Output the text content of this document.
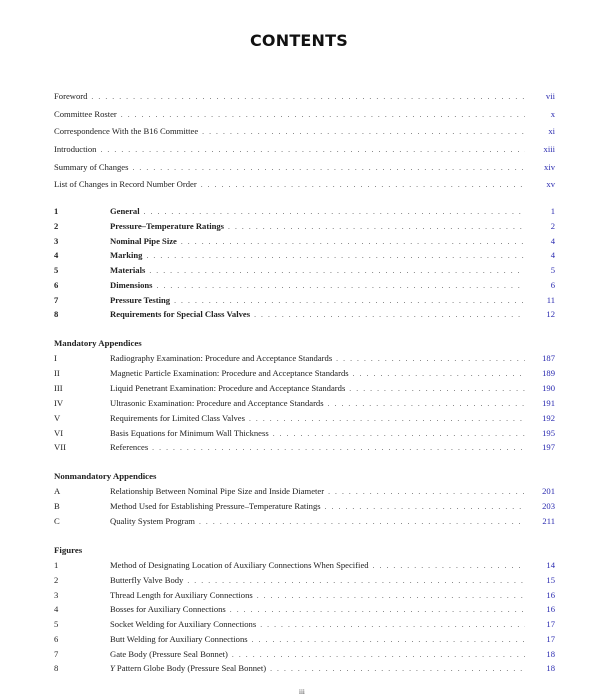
CONTENTS
Foreword . . .	vii
Committee Roster . . .	x
Correspondence With the B16 Committee . . .	xi
Introduction . . .	xiii
Summary of Changes . . .	xiv
List of Changes in Record Number Order . . .	xv
1	General . . .	1
2	Pressure–Temperature Ratings . . .	2
3	Nominal Pipe Size . . .	4
4	Marking . . .	4
5	Materials . . .	5
6	Dimensions . . .	6
7	Pressure Testing . . .	11
8	Requirements for Special Class Valves . . .	12
Mandatory Appendices
I	Radiography Examination: Procedure and Acceptance Standards . . .	187
II	Magnetic Particle Examination: Procedure and Acceptance Standards . . .	189
III	Liquid Penetrant Examination: Procedure and Acceptance Standards . . .	190
IV	Ultrasonic Examination: Procedure and Acceptance Standards . . .	191
V	Requirements for Limited Class Valves . . .	192
VI	Basis Equations for Minimum Wall Thickness . . .	195
VII	References . . .	197
Nonmandatory Appendices
A	Relationship Between Nominal Pipe Size and Inside Diameter . . .	201
B	Method Used for Establishing Pressure–Temperature Ratings . . .	203
C	Quality System Program . . .	211
Figures
1	Method of Designating Location of Auxiliary Connections When Specified . . .	14
2	Butterfly Valve Body . . .	15
3	Thread Length for Auxiliary Connections . . .	16
4	Bosses for Auxiliary Connections . . .	16
5	Socket Welding for Auxiliary Connections . . .	17
6	Butt Welding for Auxiliary Connections . . .	17
7	Gate Body (Pressure Seal Bonnet) . . .	18
8	Y Pattern Globe Body (Pressure Seal Bonnet) . . .	18
iii
